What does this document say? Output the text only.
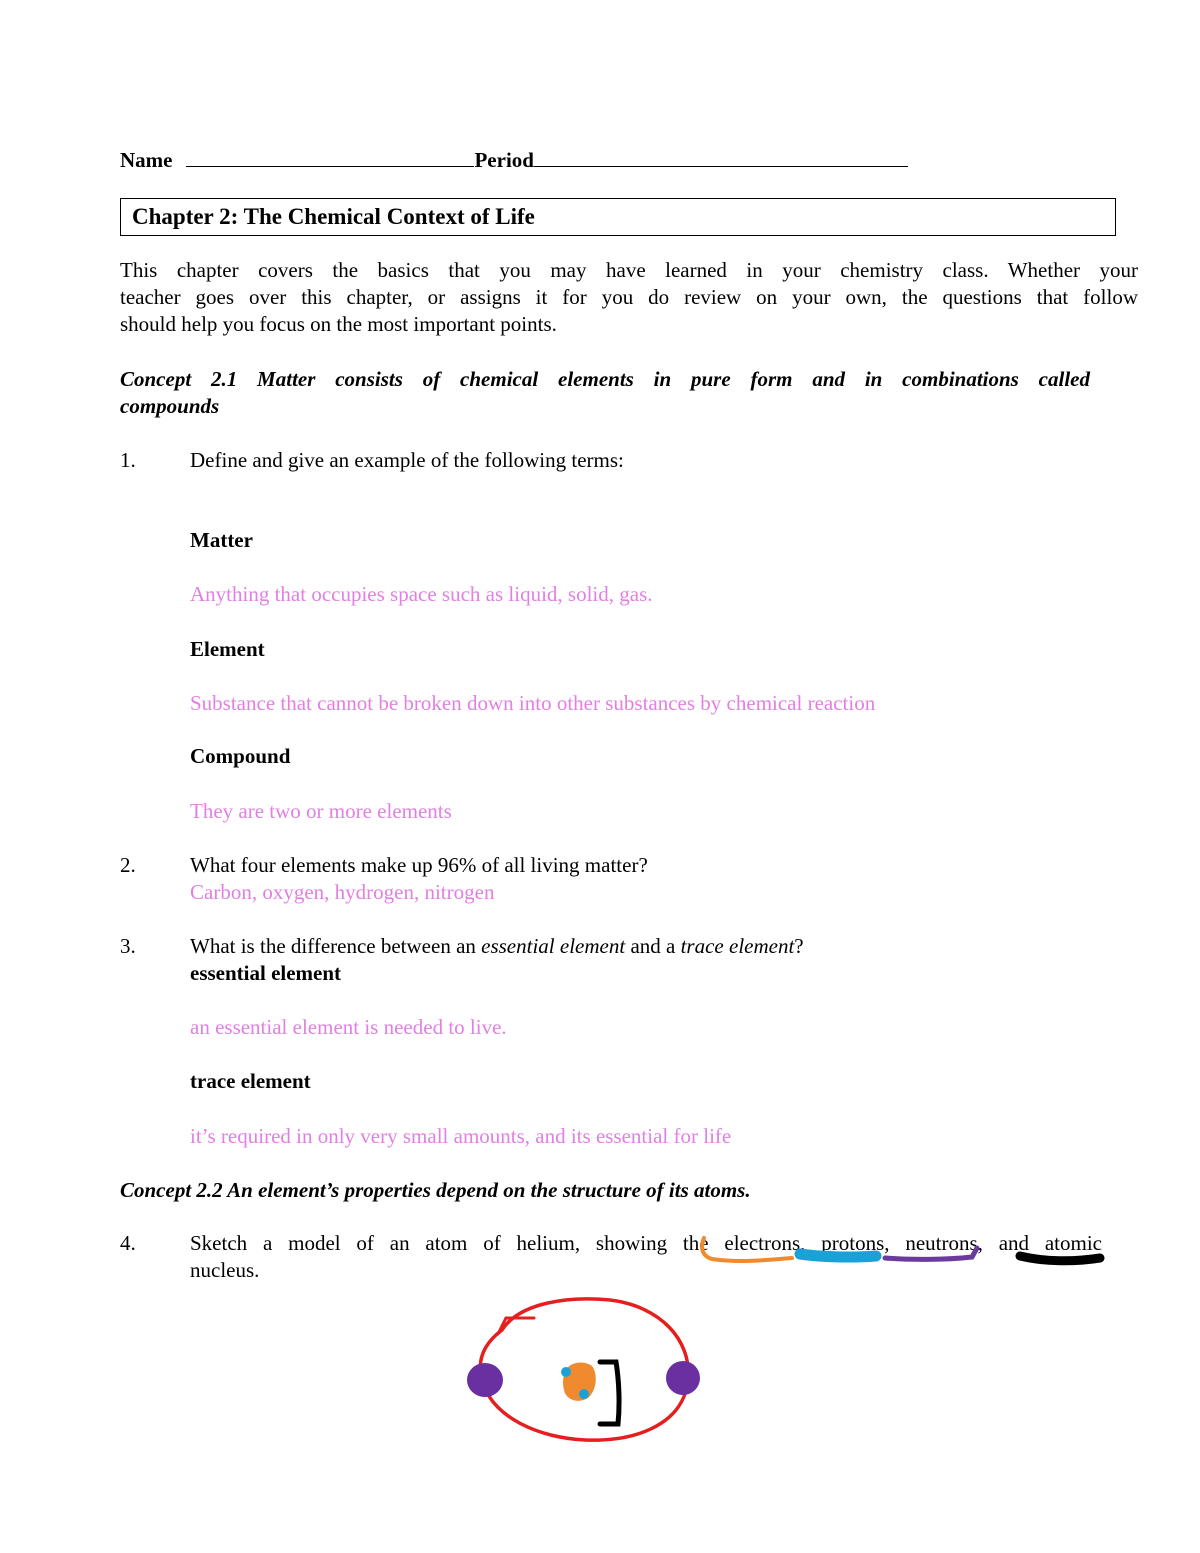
Name	Period
Chapter 2: The Chemical Context of Life
This chapter covers the basics that you may have learned in your chemistry class. Whether your
teacher goes over this chapter, or assigns it for you do review on your own, the questions that follow
should help you focus on the most important points.
Concept 2.1 Matter consists of chemical elements in pure form and in combinations called
compounds
1.	Define and give an example of the following terms:
Matter
Anything that occupies space such as liquid, solid, gas.
Element
Substance that cannot be broken down into other substances by chemical reaction
Compound
They are two or more elements
2.	What four elements make up 96% of all living matter?
Carbon, oxygen, hydrogen, nitrogen
3.	What is the difference between an essential element and a trace element?
essential element
an essential element is needed to live.
trace element
it’s required in only very small amounts, and its essential for life
Concept 2.2 An element’s properties depend on the structure of its atoms.
4.	Sketch a model of an atom of helium, showing the electrons, protons, neutrons, and atomic
nucleus.
